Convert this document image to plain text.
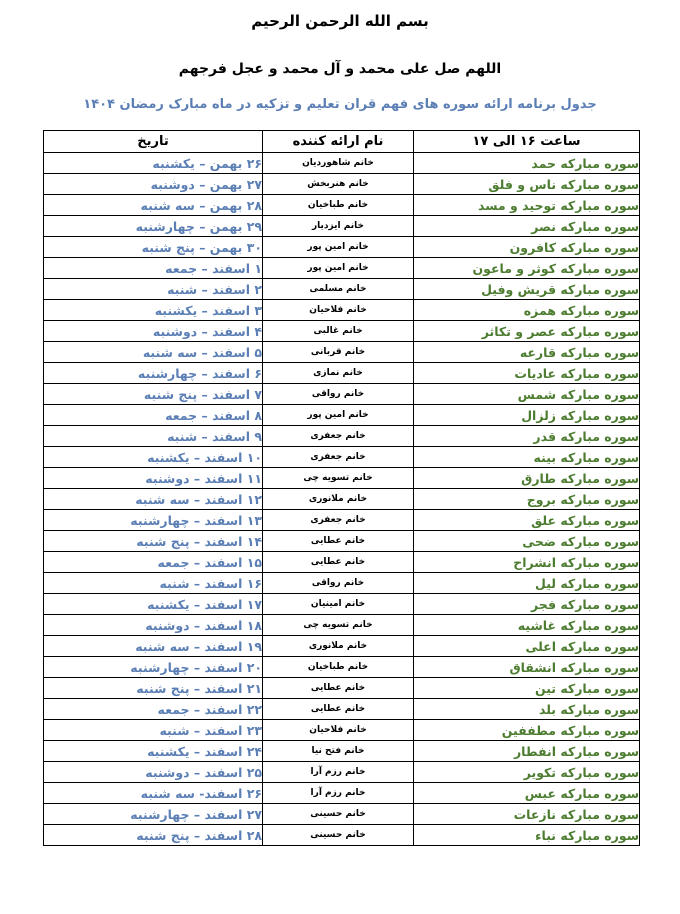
بسم الله الرحمن الرحیم
اللهم صل علی محمد و آل محمد و عجل فرجهم
جدول برنامه ارائه سوره های فهم قران تعلیم و تزکیه در ماه مبارک رمضان ۱۴۰۴
ساعت ۱۶ الی ۱۷	نام ارائه کننده	تاریخ
سوره مبارکه حمد	خانم شاهوردیان	۲۶ بهمن – یکشنبه
سوره مبارکه ناس و فلق	خانم هنربخش	۲۷ بهمن – دوشنبه
سوره مبارکه توحید و مسد	خانم طباخیان	۲۸ بهمن – سه شنبه
سوره مبارکه نصر	خانم ایزدیار	۲۹ بهمن – چهارشنبه
سوره مبارکه کافرون	خانم امین پور	۳۰ بهمن – پنج شنبه
سوره مبارکه کوثر و ماعون	خانم امین پور	۱ اسفند – جمعه
سوره مبارکه قریش وفیل	خانم مسلمی	۲ اسفند – شنبه
سوره مبارکه همزه	خانم فلاحیان	۳ اسفند – یکشنبه
سوره مبارکه عصر و تکاثر	خانم غالبی	۴ اسفند – دوشنبه
سوره مبارکه قارعه	خانم قربانی	۵ اسفند – سه شنبه
سوره مبارکه عادیات	خانم نمازی	۶ اسفند – چهارشنبه
سوره مبارکه شمس	خانم رواقی	۷ اسفند – پنج شنبه
سوره مبارکه زلزال	خانم امین پور	۸ اسفند – جمعه
سوره مبارکه قدر	خانم جعفری	۹ اسفند – شنبه
سوره مبارکه بینه	خانم جعفری	۱۰ اسفند – یکشنبه
سوره مبارکه طارق	خانم تسویه چی	۱۱ اسفند – دوشنبه
سوره مبارکه بروج	خانم ملانوری	۱۲ اسفند – سه شنبه
سوره مبارکه علق	خانم جعفری	۱۳ اسفند – چهارشنبه
سوره مبارکه ضحی	خانم عطایی	۱۴ اسفند – پنج شنبه
سوره مبارکه انشراح	خانم عطایی	۱۵ اسفند – جمعه
سوره مبارکه لیل	خانم رواقی	۱۶ اسفند – شنبه
سوره مبارکه فجر	خانم امینیان	۱۷ اسفند – یکشنبه
سوره مبارکه غاشیه	خانم تسویه چی	۱۸ اسفند – دوشنبه
سوره مبارکه اعلی	خانم ملانوری	۱۹ اسفند – سه شنبه
سوره مبارکه انشقاق	خانم طباخیان	۲۰ اسفند – چهارشنبه
سوره مبارکه تین	خانم عطایی	۲۱ اسفند – پنج شنبه
سوره مبارکه بلد	خانم عطایی	۲۲ اسفند – جمعه
سوره مبارکه مطففین	خانم فلاحیان	۲۳ اسفند – شنبه
سوره مبارکه انفطار	خانم فتح نیا	۲۴ اسفند – یکشنبه
سوره مبارکه تکویر	خانم رزم آرا	۲۵ اسفند – دوشنبه
سوره مبارکه عبس	خانم رزم آرا	۲۶ اسفند- سه شنبه
سوره مبارکه نازعات	خانم حسینی	۲۷ اسفند – چهارشنبه
سوره مبارکه نباء	خانم حسینی	۲۸ اسفند – پنج شنبه
